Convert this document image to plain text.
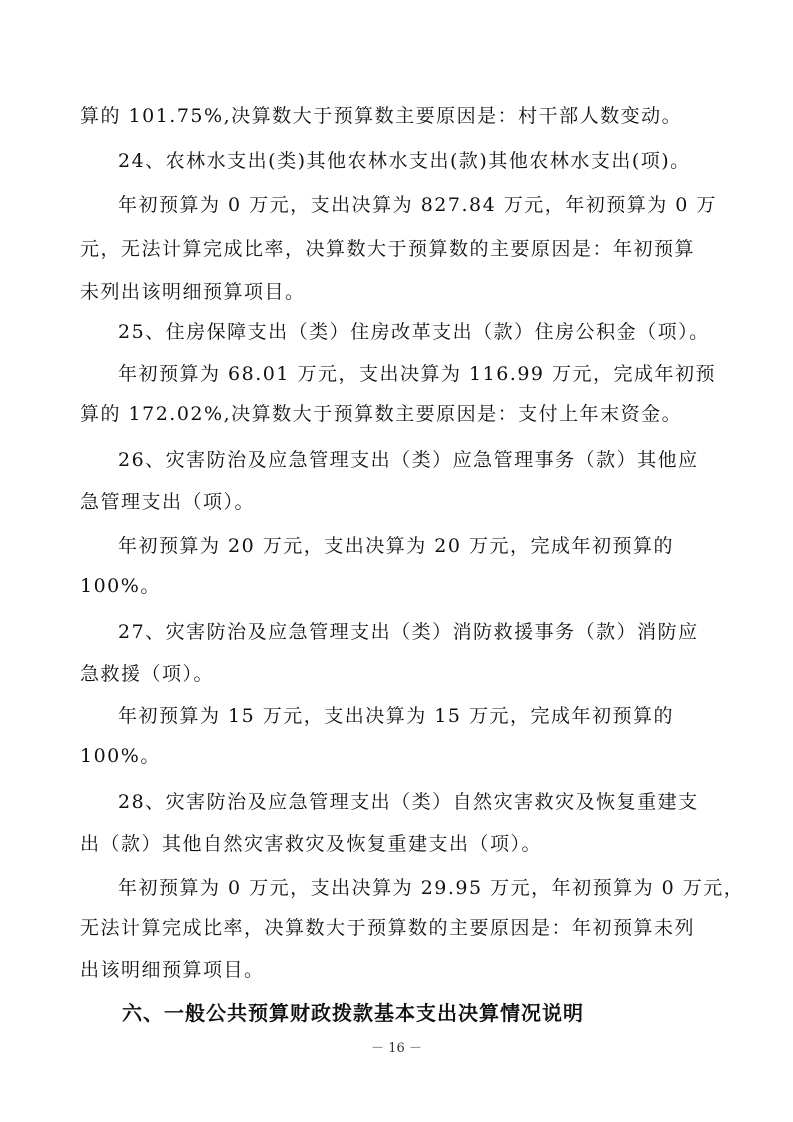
算的 101.75%,决算数大于预算数主要原因是：村干部人数变动。
24、农林水支出(类)其他农林水支出(款)其他农林水支出(项)。
年初预算为 0 万元，支出决算为 827.84 万元，年初预算为 0 万
元，无法计算完成比率，决算数大于预算数的主要原因是：年初预算
未列出该明细预算项目。
25、住房保障支出（类）住房改革支出（款）住房公积金（项）。
年初预算为 68.01 万元，支出决算为 116.99 万元，完成年初预
算的 172.02%,决算数大于预算数主要原因是：支付上年末资金。
26、灾害防治及应急管理支出（类）应急管理事务（款）其他应
急管理支出（项）。
年初预算为 20 万元，支出决算为 20 万元，完成年初预算的
100%。
27、灾害防治及应急管理支出（类）消防救援事务（款）消防应
急救援（项）。
年初预算为 15 万元，支出决算为 15 万元，完成年初预算的
100%。
28、灾害防治及应急管理支出（类）自然灾害救灾及恢复重建支
出（款）其他自然灾害救灾及恢复重建支出（项）。
年初预算为 0 万元，支出决算为 29.95 万元，年初预算为 0 万元，
无法计算完成比率，决算数大于预算数的主要原因是：年初预算未列
出该明细预算项目。
六、一般公共预算财政拨款基本支出决算情况说明
－ 16 －
